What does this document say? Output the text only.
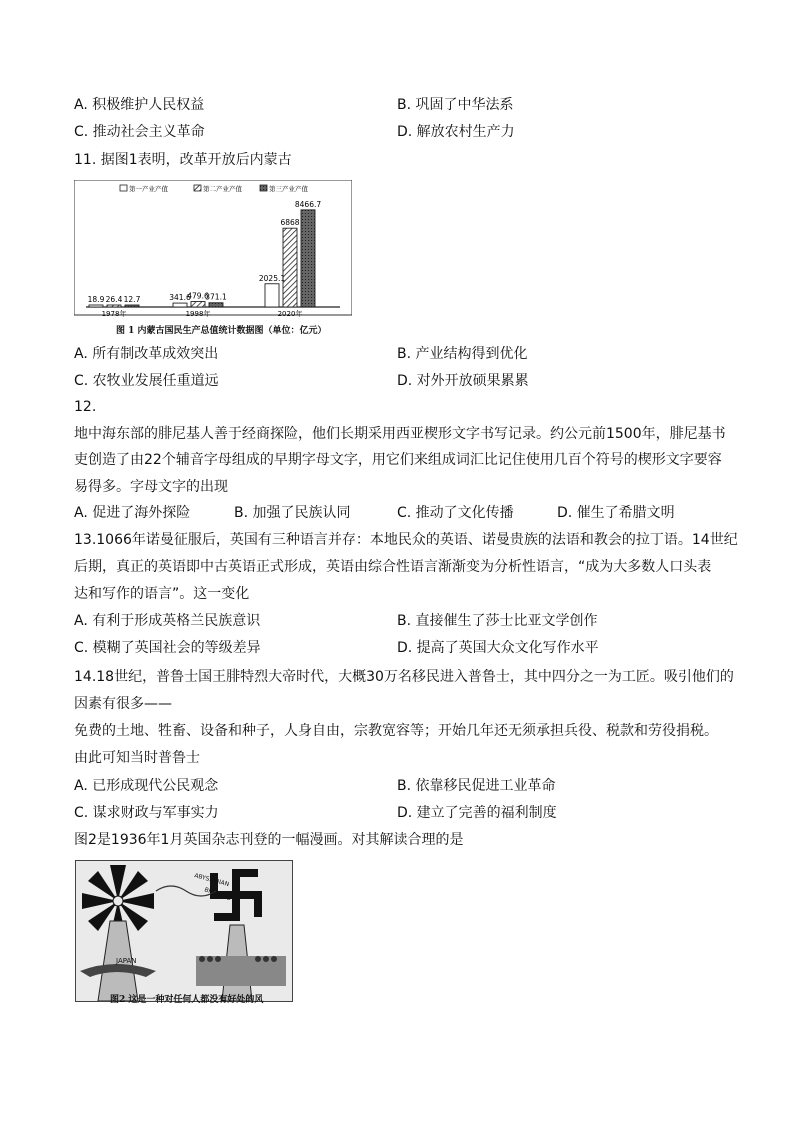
A. 积极维护人民权益	B. 巩固了中华法系
C. 推动社会主义革命	D. 解放农村生产力
11. 据图1表明，改革开放后内蒙古
第一产业产值	第二产业产值	第三产业产值
18.9 26.4 12.7	341.6
479.6
371.1
2025.1
6868
8466.7
1978年	1998年	2020年
图 1 内蒙古国民生产总值统计数据图（单位：亿元）
A. 所有制改革成效突出	B. 产业结构得到优化
C. 农牧业发展任重道远	D. 对外开放硕果累累
12.
地中海东部的腓尼基人善于经商探险，他们长期采用西亚楔形文字书写记录。约公元前1500年，腓尼基书
吏创造了由22个辅音字母组成的早期字母文字，用它们来组成词汇比记住使用几百个符号的楔形文字要容
易得多。字母文字的出现
A. 促进了海外探险	B. 加强了民族认同	C. 推动了文化传播	D. 催生了希腊文明
13.1066年诺曼征服后，英国有三种语言并存：本地民众的英语、诺曼贵族的法语和教会的拉丁语。14世纪
后期，真正的英语即中古英语正式形成，英语由综合性语言渐渐变为分析性语言，“成为大多数人口头表
达和写作的语言”。这一变化
A. 有利于形成英格兰民族意识	B. 直接催生了莎士比亚文学创作
C. 模糊了英国社会的等级差异	D. 提高了英国大众文化写作水平
14.18世纪，普鲁士国王腓特烈大帝时代，大概30万名移民进入普鲁士，其中四分之一为工匠。吸引他们的
因素有很多——
免费的土地、牲畜、设备和种子，人身自由，宗教宽容等；开始几年还无须承担兵役、税款和劳役捐税。
由此可知当时普鲁士
A. 已形成现代公民观念	B. 依靠移民促进工业革命
C. 谋求财政与军事实力	D. 建立了完善的福利制度
图2是1936年1月英国杂志刊登的一幅漫画。对其解读合理的是
JAPAN
ABYSSINIAN
BREEZES
图2 这是一种对任何人都没有好处的风
